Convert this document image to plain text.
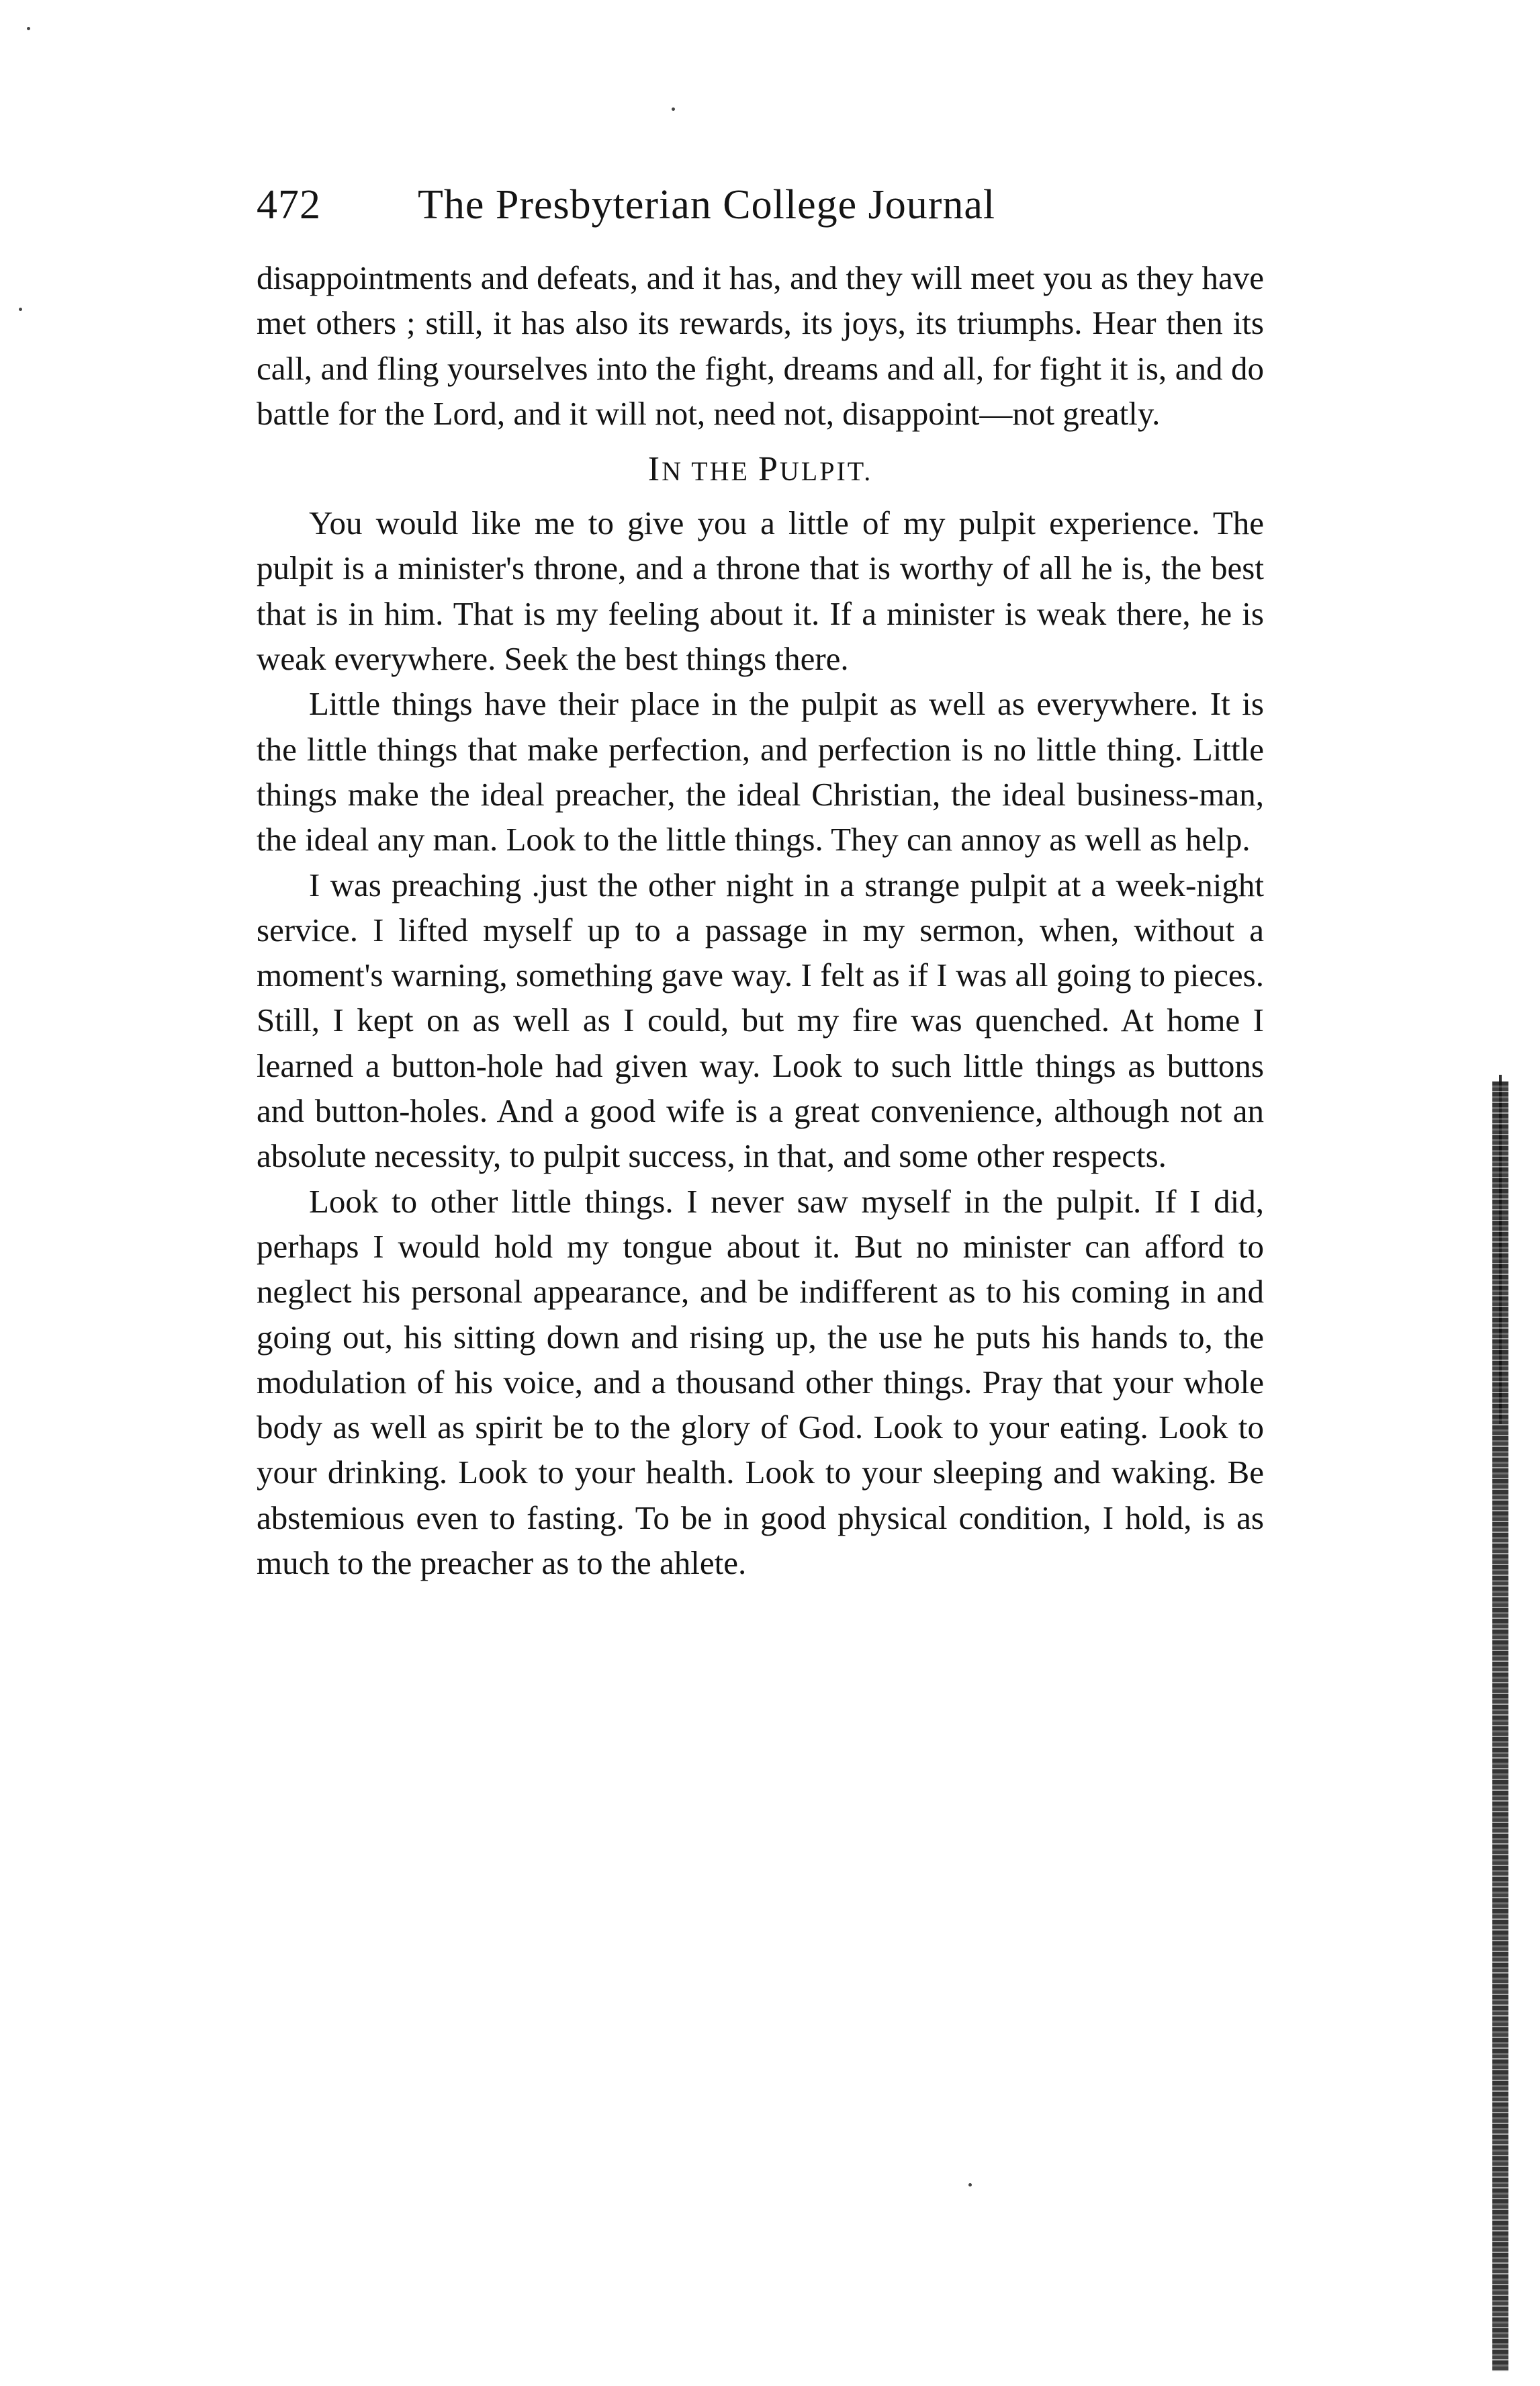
472	The Presbyterian College Journal

disappointments and defeats, and it has, and they will meet you as they have met others ; still, it has also its rewards, its joys, its triumphs. Hear then its call, and fling yourselves into the fight, dreams and all, for fight it is, and do battle for the Lord, and it will not, need not, disappoint—not greatly.

IN THE PULPIT.

You would like me to give you a little of my pulpit experience. The pulpit is a minister's throne, and a throne that is worthy of all he is, the best that is in him. That is my feeling about it. If a minister is weak there, he is weak everywhere. Seek the best things there.

Little things have their place in the pulpit as well as everywhere. It is the little things that make perfection, and perfection is no little thing. Little things make the ideal preacher, the ideal Christian, the ideal business-man, the ideal any man. Look to the little things. They can annoy as well as help.

I was preaching .just the other night in a strange pulpit at a week-night service. I lifted myself up to a passage in my sermon, when, without a moment's warning, something gave way. I felt as if I was all going to pieces. Still, I kept on as well as I could, but my fire was quenched. At home I learned a button-hole had given way. Look to such little things as buttons and button-holes. And a good wife is a great convenience, although not an absolute necessity, to pulpit success, in that, and some other respects.

Look to other little things. I never saw myself in the pulpit. If I did, perhaps I would hold my tongue about it. But no minister can afford to neglect his personal appearance, and be indifferent as to his coming in and going out, his sitting down and rising up, the use he puts his hands to, the modulation of his voice, and a thousand other things. Pray that your whole body as well as spirit be to the glory of God. Look to your eating. Look to your drinking. Look to your health. Look to your sleeping and waking. Be abstemious even to fasting. To be in good physical condition, I hold, is as much to the preacher as to the ahlete.
